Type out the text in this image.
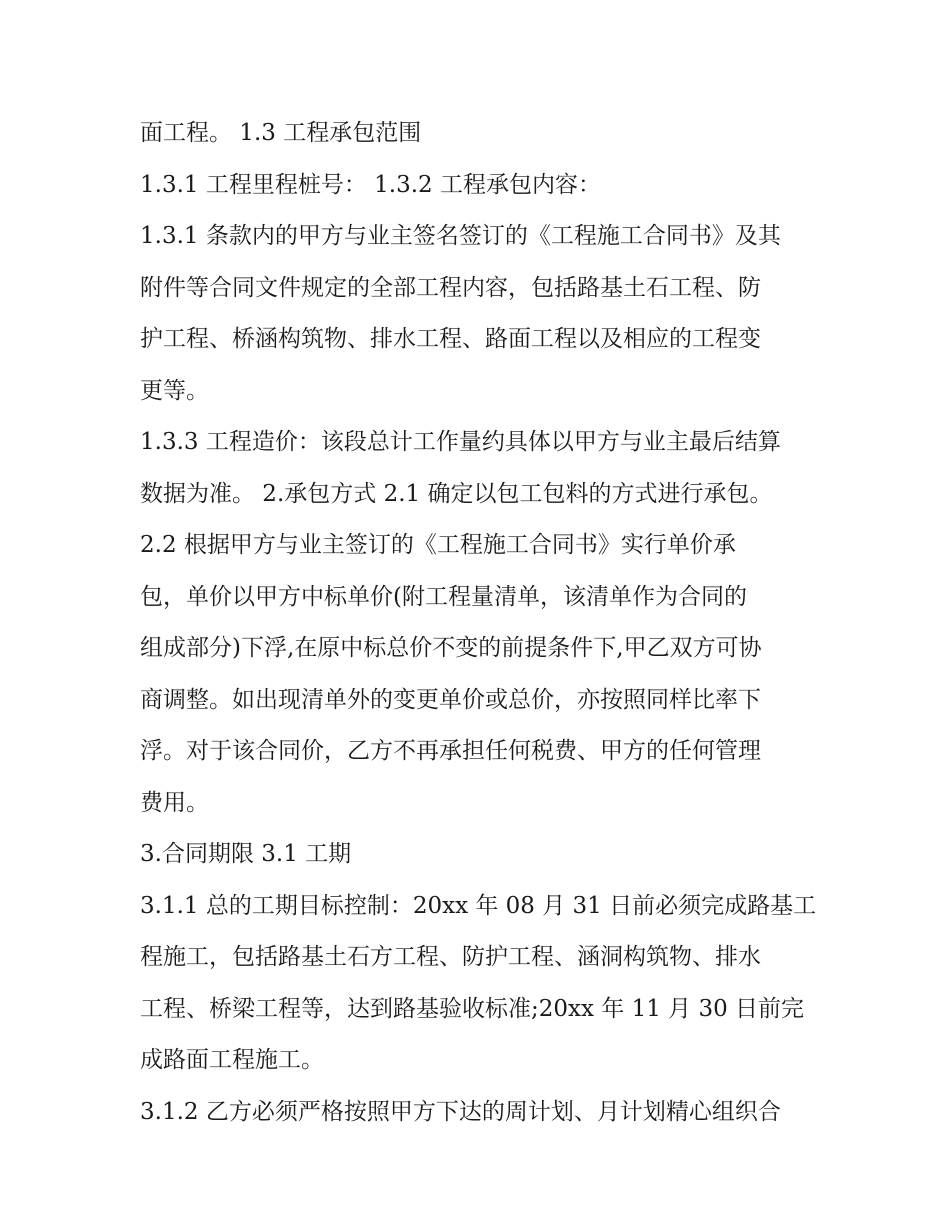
面工程。 1.3 工程承包范围
1.3.1 工程里程桩号： 1.3.2 工程承包内容：
1.3.1 条款内的甲方与业主签名签订的《工程施工合同书》及其
附件等合同文件规定的全部工程内容，包括路基土石工程、防
护工程、桥涵构筑物、排水工程、路面工程以及相应的工程变
更等。
1.3.3 工程造价：该段总计工作量约具体以甲方与业主最后结算
数据为准。 2.承包方式 2.1 确定以包工包料的方式进行承包。
2.2 根据甲方与业主签订的《工程施工合同书》实行单价承
包，单价以甲方中标单价(附工程量清单，该清单作为合同的
组成部分)下浮,在原中标总价不变的前提条件下,甲乙双方可协
商调整。如出现清单外的变更单价或总价，亦按照同样比率下
浮。对于该合同价，乙方不再承担任何税费、甲方的任何管理
费用。
3.合同期限 3.1 工期
3.1.1 总的工期目标控制：20xx 年 08 月 31 日前必须完成路基工
程施工，包括路基土石方工程、防护工程、涵洞构筑物、排水
工程、桥梁工程等，达到路基验收标准;20xx 年 11 月 30 日前完
成路面工程施工。
3.1.2 乙方必须严格按照甲方下达的周计划、月计划精心组织合
